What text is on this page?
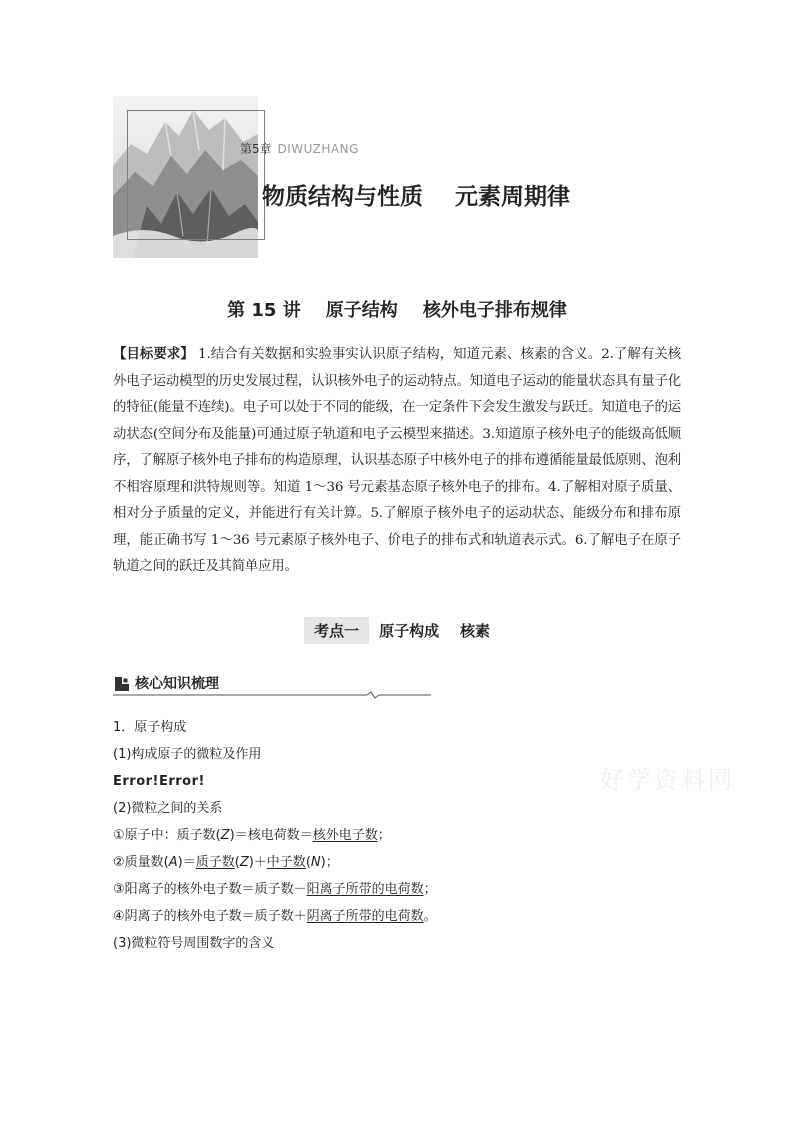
第5章 DIWUZHANG
物质结构与性质    元素周期律
第 15 讲    原子结构    核外电子排布规律
【目标要求】 1.结合有关数据和实验事实认识原子结构，知道元素、核素的含义。2.了解有关核外电子运动模型的历史发展过程，认识核外电子的运动特点。知道电子运动的能量状态具有量子化的特征(能量不连续)。电子可以处于不同的能级，在一定条件下会发生激发与跃迁。知道电子的运动状态(空间分布及能量)可通过原子轨道和电子云模型来描述。3.知道原子核外电子的能级高低顺序，了解原子核外电子排布的构造原理，认识基态原子中核外电子的排布遵循能量最低原则、泡利不相容原理和洪特规则等。知道 1～36 号元素基态原子核外电子的排布。4.了解相对原子质量、相对分子质量的定义，并能进行有关计算。5.了解原子核外电子的运动状态、能级分布和排布原理，能正确书写 1～36 号元素原子核外电子、价电子的排布式和轨道表示式。6.了解电子在原子轨道之间的跃迁及其简单应用。
考点一 原子构成    核素
核心知识梳理
1．原子构成
(1)构成原子的微粒及作用
Error!Error!
(2)微粒之间的关系
①原子中：质子数(Z)＝核电荷数＝核外电子数；
②质量数(A)＝质子数(Z)＋中子数(N)；
③阳离子的核外电子数＝质子数－阳离子所带的电荷数；
④阴离子的核外电子数＝质子数＋阴离子所带的电荷数。
(3)微粒符号周围数字的含义
好学资料网
